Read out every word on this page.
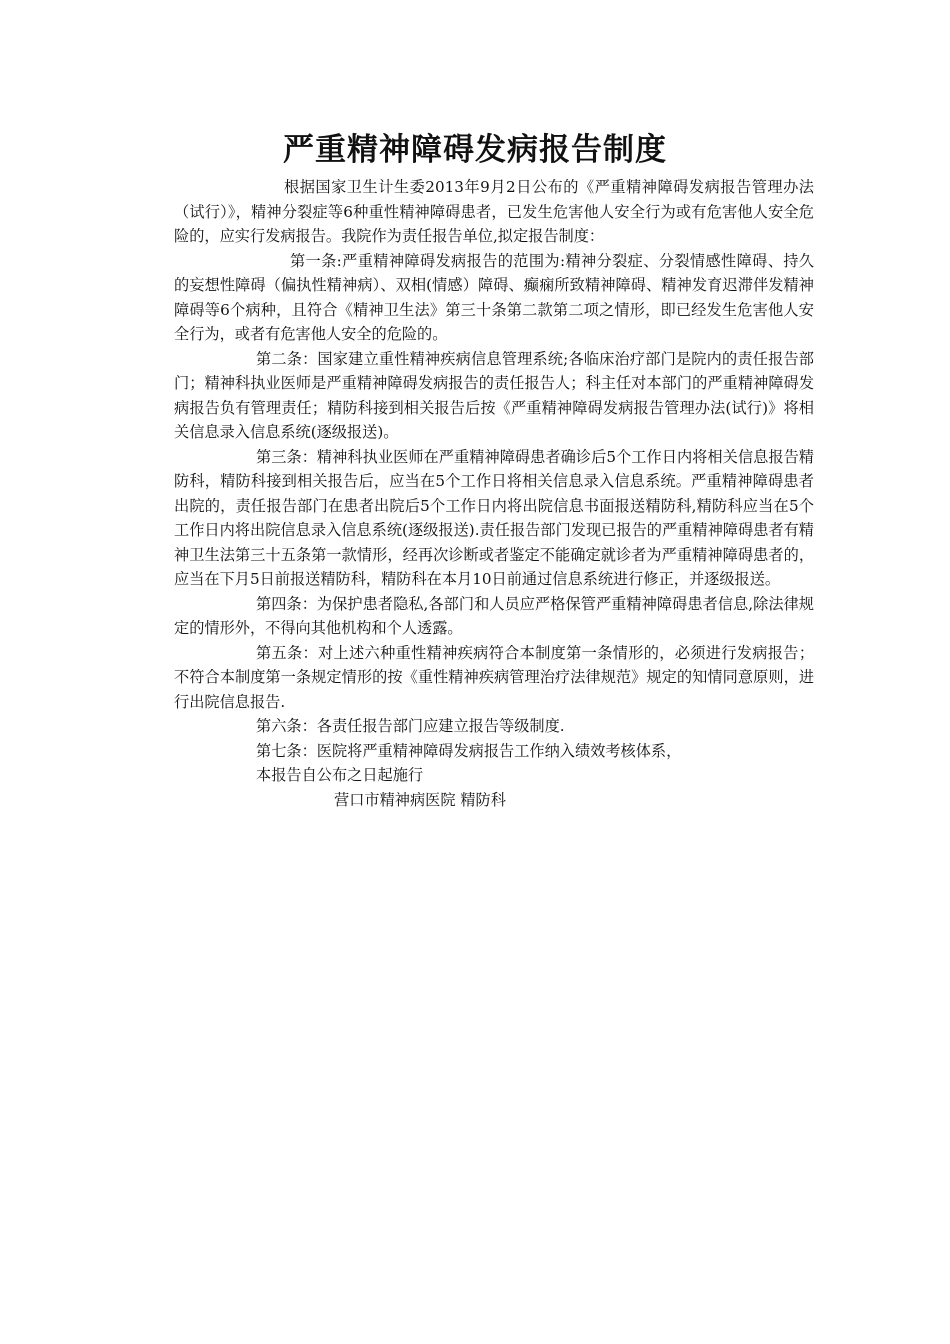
严重精神障碍发病报告制度

根据国家卫生计生委2013年9月2日公布的《严重精神障碍发病报告管理办法（试行）》，精神分裂症等6种重性精神障碍患者，已发生危害他人安全行为或有危害他人安全危险的，应实行发病报告。我院作为责任报告单位,拟定报告制度：

第一条:严重精神障碍发病报告的范围为:精神分裂症、分裂情感性障碍、持久的妄想性障碍（偏执性精神病）、双相(情感）障碍、癫痫所致精神障碍、精神发育迟滞伴发精神障碍等6个病种，且符合《精神卫生法》第三十条第二款第二项之情形，即已经发生危害他人安全行为，或者有危害他人安全的危险的。

第二条：国家建立重性精神疾病信息管理系统;各临床治疗部门是院内的责任报告部门；精神科执业医师是严重精神障碍发病报告的责任报告人；科主任对本部门的严重精神障碍发病报告负有管理责任；精防科接到相关报告后按《严重精神障碍发病报告管理办法(试行)》将相关信息录入信息系统(逐级报送)。

第三条：精神科执业医师在严重精神障碍患者确诊后5个工作日内将相关信息报告精防科，精防科接到相关报告后，应当在5个工作日将相关信息录入信息系统。严重精神障碍患者出院的，责任报告部门在患者出院后5个工作日内将出院信息书面报送精防科,精防科应当在5个工作日内将出院信息录入信息系统(逐级报送).责任报告部门发现已报告的严重精神障碍患者有精神卫生法第三十五条第一款情形，经再次诊断或者鉴定不能确定就诊者为严重精神障碍患者的，应当在下月5日前报送精防科，精防科在本月10日前通过信息系统进行修正，并逐级报送。

第四条：为保护患者隐私,各部门和人员应严格保管严重精神障碍患者信息,除法律规定的情形外，不得向其他机构和个人透露。

第五条：对上述六种重性精神疾病符合本制度第一条情形的，必须进行发病报告；不符合本制度第一条规定情形的按《重性精神疾病管理治疗法律规范》规定的知情同意原则，进行出院信息报告.

第六条：各责任报告部门应建立报告等级制度.

第七条：医院将严重精神障碍发病报告工作纳入绩效考核体系，

本报告自公布之日起施行

营口市精神病医院 精防科
